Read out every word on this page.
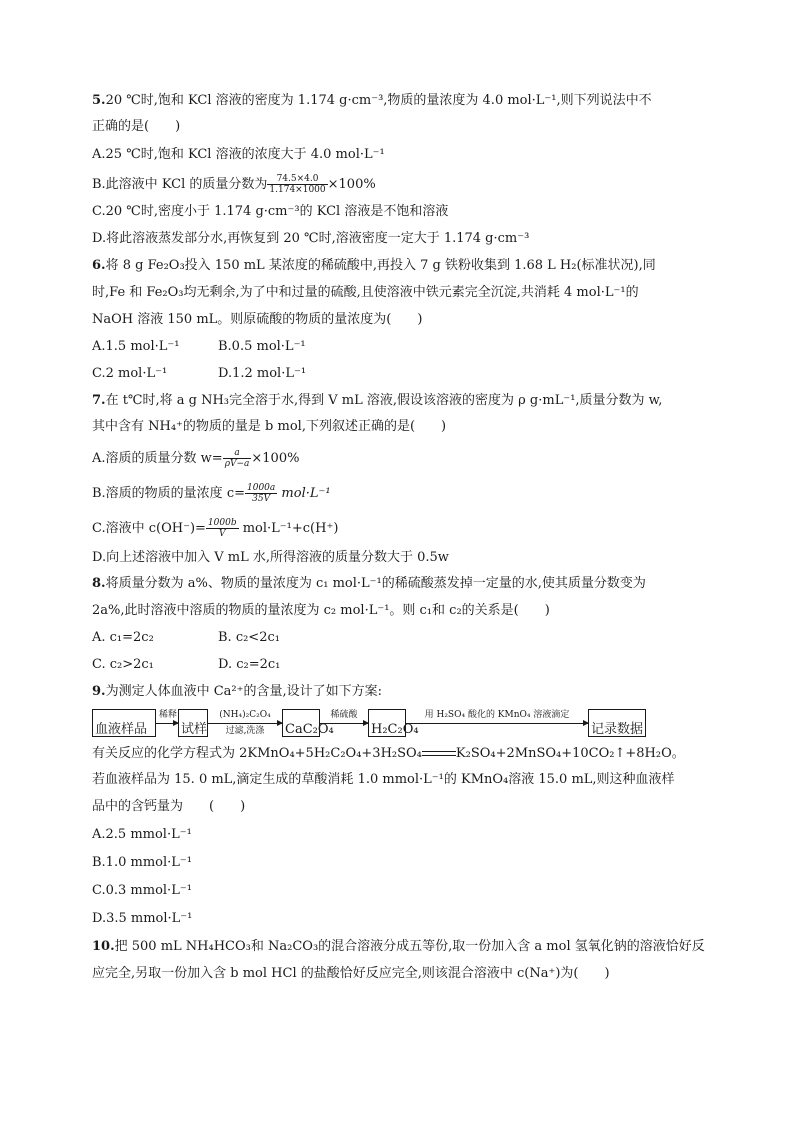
5.20 ℃时,饱和 KCl 溶液的密度为 1.174 g·cm⁻³,物质的量浓度为 4.0 mol·L⁻¹,则下列说法中不

正确的是(　　)

A.25 ℃时,饱和 KCl 溶液的浓度大于 4.0 mol·L⁻¹

B.此溶液中 KCl 的质量分数为 $\frac{74.5\times 4.0}{1.174\times 1000} \times 100\%$

C.20 ℃时,密度小于 1.174 g·cm⁻³的 KCl 溶液是不饱和溶液

D.将此溶液蒸发部分水,再恢复到 20 ℃时,溶液密度一定大于 1.174 g·cm⁻³

6.将 8 g Fe₂O₃投入 150 mL 某浓度的稀硫酸中,再投入 7 g 铁粉收集到 1.68 L H₂(标准状况),同

时,Fe 和 Fe₂O₃均无剩余,为了中和过量的硫酸,且使溶液中铁元素完全沉淀,共消耗 4 mol·L⁻¹的

NaOH 溶液 150 mL。则原硫酸的物质的量浓度为(　　)

A.1.5 mol·L⁻¹	B.0.5 mol·L⁻¹

C.2 mol·L⁻¹	D.1.2 mol·L⁻¹

7.在 t℃时,将 a g NH₃完全溶于水,得到 V mL 溶液,假设该溶液的密度为 ρ g·mL⁻¹,质量分数为 w,

其中含有 NH₄⁺的物质的量是 b mol,下列叙述正确的是(　　)

A.溶质的质量分数 $w= \frac{a}{\rho V-a} \times 100\%$

B.溶质的物质的量浓度 $c= \frac{1000a}{35V} mol\cdot L^{-1}$

C.溶液中 $c(OH^-)= \frac{1000b}{V} mol\cdot L^{-1}+c(H^+)$

D.向上述溶液中加入 V mL 水,所得溶液的质量分数大于 0.5w

8.将质量分数为 a%、物质的量浓度为 c₁ mol·L⁻¹的稀硫酸蒸发掉一定量的水,使其质量分数变为

2a%,此时溶液中溶质的物质的量浓度为 c₂ mol·L⁻¹。则 c₁和 c₂的关系是(　　)

A. c₁=2c₂	B. c₂<2c₁

C. c₂>2c₁	D. c₂=2c₁

9.为测定人体血液中 Ca²⁺的含量,设计了如下方案:

血液样品
稀释
试样
(NH₄)₂C₂O₄
过滤,洗涤	CaC₂O₄
稀硫酸
H₂C₂O₄
用 H₂SO₄ 酸化的 KMnO₄ 溶液滴定
记录数据

有关反应的化学方程式为 2KMnO₄+5H₂C₂O₄+3H₂SO₄	K₂SO₄+2MnSO₄+10CO₂↑+8H₂O。

若血液样品为 15. 0 mL,滴定生成的草酸消耗 1.0 mmol·L⁻¹的 KMnO₄溶液 15.0 mL,则这种血液样

品中的含钙量为　　(　　)

A.2.5 mmol·L⁻¹

B.1.0 mmol·L⁻¹

C.0.3 mmol·L⁻¹

D.3.5 mmol·L⁻¹

10.把 500 mL NH₄HCO₃和 Na₂CO₃的混合溶液分成五等份,取一份加入含 a mol 氢氧化钠的溶液恰好反

应完全,另取一份加入含 b mol HCl 的盐酸恰好反应完全,则该混合溶液中 c(Na⁺)为(　　)
